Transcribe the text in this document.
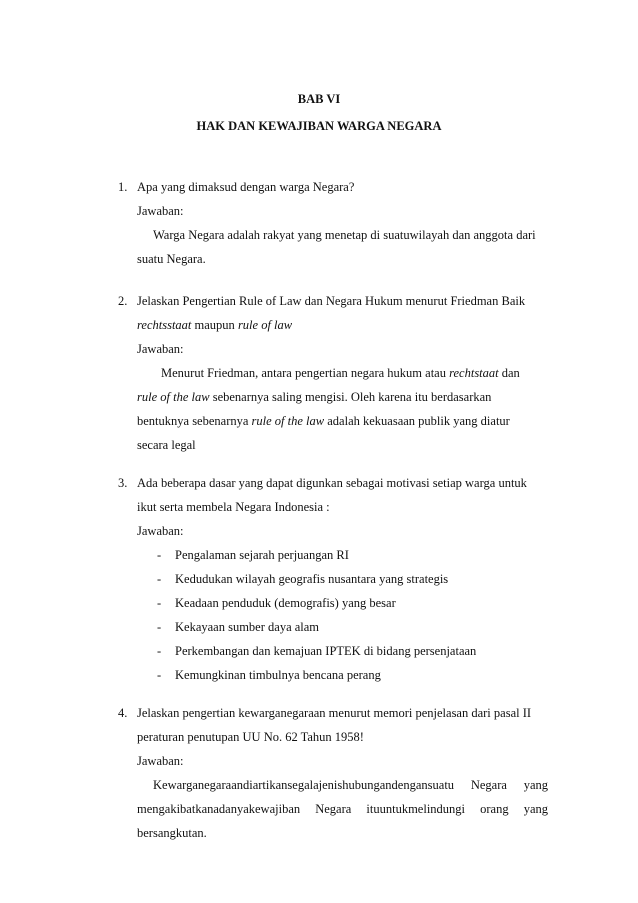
BAB VI
HAK DAN KEWAJIBAN WARGA NEGARA
1. Apa yang dimaksud dengan warga Negara?
Jawaban:
Warga Negara adalah rakyat yang menetap di suatuwilayah dan anggota dari
suatu Negara.
2. Jelaskan Pengertian Rule of Law dan Negara Hukum menurut Friedman Baik
rechtsstaat maupun rule of law
Jawaban:
Menurut Friedman, antara pengertian negara hukum atau rechtstaat dan
rule of the law sebenarnya saling mengisi. Oleh karena itu berdasarkan
bentuknya sebenarnya rule of the law adalah kekuasaan publik yang diatur
secara legal
3. Ada beberapa dasar yang dapat digunkan sebagai motivasi setiap warga untuk
ikut serta membela Negara Indonesia :
Jawaban:
- Pengalaman sejarah perjuangan RI
- Kedudukan wilayah geografis nusantara yang strategis
- Keadaan penduduk (demografis) yang besar
- Kekayaan sumber daya alam
- Perkembangan dan kemajuan IPTEK di bidang persenjataan
- Kemungkinan timbulnya bencana perang
4. Jelaskan pengertian kewarganegaraan menurut memori penjelasan dari pasal II
peraturan penutupan UU No. 62 Tahun 1958!
Jawaban:
Kewarganegaraandiartikansegalajenishubungandengansuatu Negara yang
mengakibatkanadanyakewajiban Negara ituuntukmelindungi orang yang
bersangkutan.
